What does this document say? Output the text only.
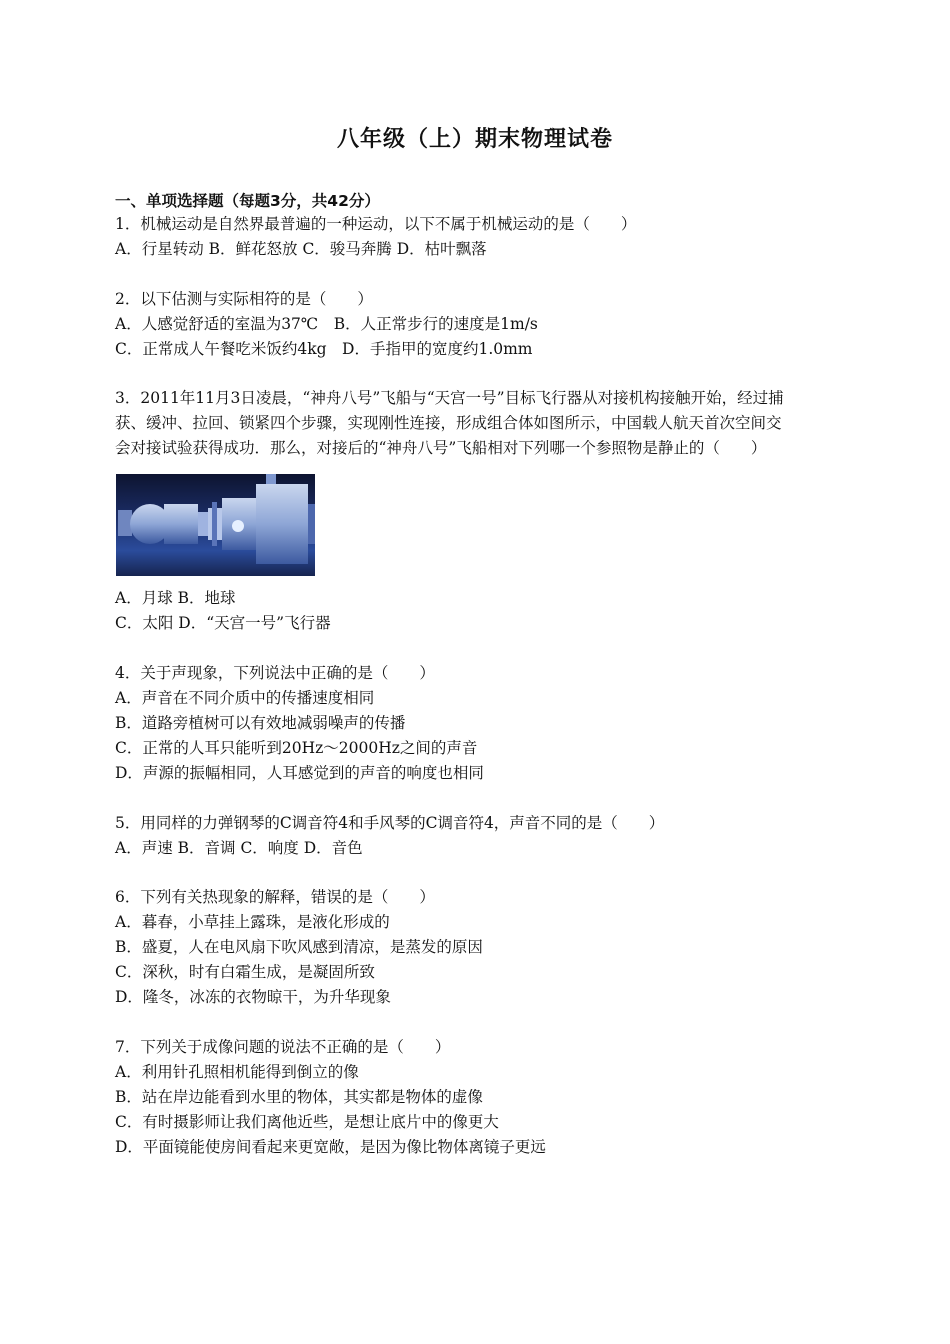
八年级（上）期末物理试卷
一、单项选择题（每题3分，共42分）
1．机械运动是自然界最普遍的一种运动，以下不属于机械运动的是（　　）
A．行星转动 B．鲜花怒放 C．骏马奔腾 D．枯叶飘落
2．以下估测与实际相符的是（　　）
A．人感觉舒适的室温为37℃　B．人正常步行的速度是1m/s
C．正常成人午餐吃米饭约4kg　D．手指甲的宽度约1.0mm
3．2011年11月3日凌晨，“神舟八号”飞船与“天宫一号”目标飞行器从对接机构接触开始，经过捕
获、缓冲、拉回、锁紧四个步骤，实现刚性连接，形成组合体如图所示，中国载人航天首次空间交
会对接试验获得成功．那么，对接后的“神舟八号”飞船相对下列哪一个参照物是静止的（　　）
A．月球 B．地球
C．太阳 D．“天宫一号”飞行器
4．关于声现象，下列说法中正确的是（　　）
A．声音在不同介质中的传播速度相同
B．道路旁植树可以有效地减弱噪声的传播
C．正常的人耳只能听到20Hz～2000Hz之间的声音
D．声源的振幅相同，人耳感觉到的声音的响度也相同
5．用同样的力弹钢琴的C调音符4和手风琴的C调音符4，声音不同的是（　　）
A．声速 B．音调 C．响度 D．音色
6．下列有关热现象的解释，错误的是（　　）
A．暮春，小草挂上露珠，是液化形成的
B．盛夏，人在电风扇下吹风感到清凉，是蒸发的原因
C．深秋，时有白霜生成，是凝固所致
D．隆冬，冰冻的衣物晾干，为升华现象
7．下列关于成像问题的说法不正确的是（　　）
A．利用针孔照相机能得到倒立的像
B．站在岸边能看到水里的物体，其实都是物体的虚像
C．有时摄影师让我们离他近些，是想让底片中的像更大
D．平面镜能使房间看起来更宽敞，是因为像比物体离镜子更远
